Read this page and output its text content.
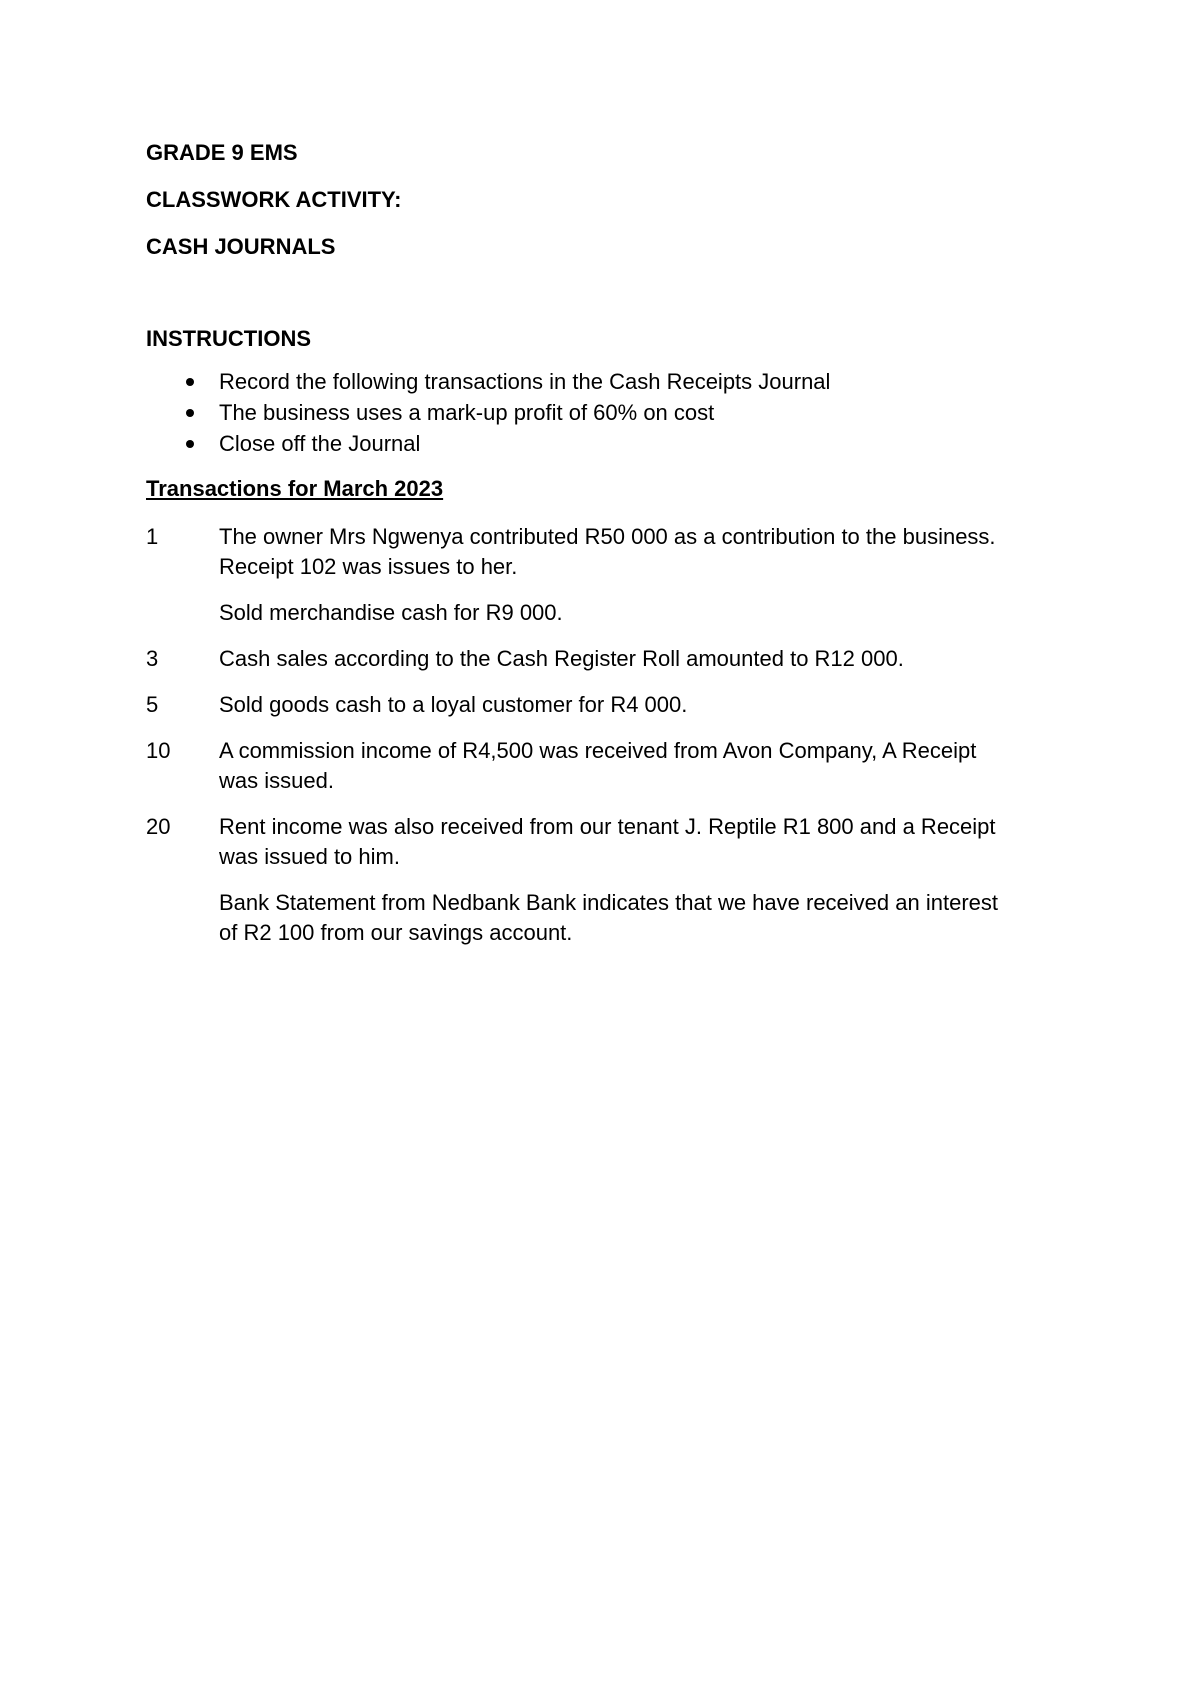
GRADE 9 EMS

CLASSWORK ACTIVITY:

CASH JOURNALS

INSTRUCTIONS

Record the following transactions in the Cash Receipts Journal
The business uses a mark-up profit of 60% on cost
Close off the Journal

Transactions for March 2023

1	The owner Mrs Ngwenya contributed R50 000 as a contribution to the business. Receipt 102 was issues to her.
Sold merchandise cash for R9 000.
3	Cash sales according to the Cash Register Roll amounted to R12 000.
5	Sold goods cash to a loyal customer for R4 000.
10	A commission income of R4,500 was received from Avon Company, A Receipt was issued.
20	Rent income was also received from our tenant J. Reptile R1 800 and a Receipt was issued to him.
Bank Statement from Nedbank Bank indicates that we have received an interest of R2 100 from our savings account.
